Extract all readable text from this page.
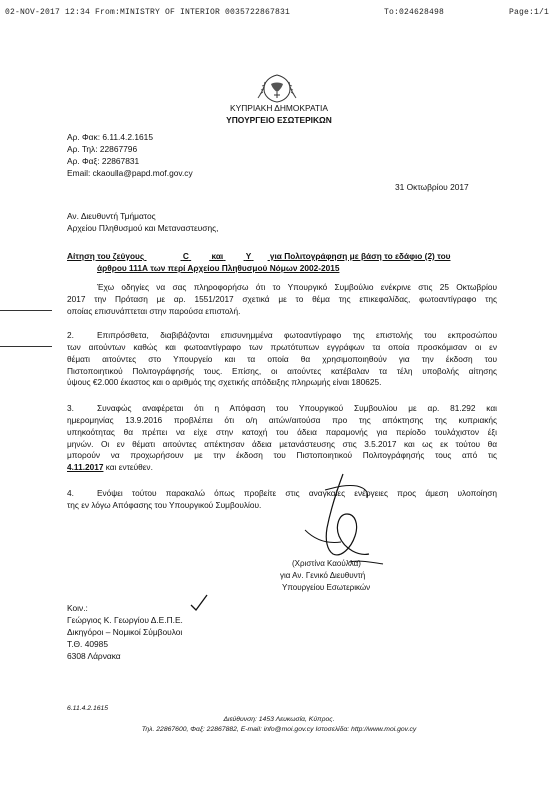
02-NOV-2017 12:34 From:MINISTRY OF INTERIOR 0035722867831	To:024628498	Page:1/1
ΚΥΠΡΙΑΚΗ ΔΗΜΟΚΡΑΤΙΑ
ΥΠΟΥΡΓΕΙΟ ΕΣΩΤΕΡΙΚΩΝ
Αρ. Φακ: 6.11.4.2.1615
Αρ. Τηλ: 22867796
Αρ. Φαξ: 22867831
Email: ckaoulla@papd.mof.gov.cy
31 Οκτωβρίου 2017
Αν. Διευθυντή Τμήματος
Αρχείου Πληθυσμού και Μεταναστευσης,
Αίτηση του ζεύγους	C	και	Υ για Πολιτογράφηση με βάση το εδάφιο (2) του
άρθρου 111Α των περί Αρχείου Πληθυσμού Νόμων 2002-2015
Έχω οδηγίες να σας πληροφορήσω ότι το Υπουργικό Συμβούλιο ενέκρινε στις 25 Οκτωβρίου
2017 την Πρόταση με αρ. 1551/2017 σχετικά με το θέμα της επικεφαλίδας, φωτοαντίγραφο της
οποίας επισυνάπτεται στην παρούσα επιστολή.
2.	Επιπρόσθετα, διαβιβάζονται επισυνημμένα φωτοαντίγραφο της επιστολής του εκπροσώπου
των αιτούντων καθώς και φωτοαντίγραφο των πρωτότυπων εγγράφων τα οποία προσκόμισαν οι εν
θέματι αιτούντες στο Υπουργείο και τα οποία θα χρησιμοποιηθούν για την έκδοση του
Πιστοποιητικού Πολιτογράφησής τους. Επίσης, οι αιτούντες κατέβαλαν τα τέλη υποβολής αίτησης
ύψους €2.000 έκαστος και ο αριθμός της σχετικής απόδειξης πληρωμής είναι 180625.
3.	Συναφώς αναφέρεται ότι η Απόφαση του Υπουργικού Συμβουλίου με αρ. 81.292 και
ημερομηνίας 13.9.2016 προβλέπει ότι ο/η αιτών/αιτούσα προ της απόκτησης της κυπριακής
υπηκοότητας θα πρέπει να είχε στην κατοχή του άδεια παραμονής για περίοδο τουλάχιστον έξι
μηνών. Οι εν θέματι αιτούντες απέκτησαν άδεια μετανάστευσης στις 3.5.2017 και ως εκ τούτου θα
μπορούν να προχωρήσουν με την έκδοση του Πιστοποιητικού Πολιτογράφησής τους από τις
4.11.2017 και εντεύθεν.
4.	Ενόψει τούτου παρακαλώ όπως προβείτε στις αναγκαίες ενέργειες προς άμεση υλοποίηση
της εν λόγω Απόφασης του Υπουργικού Συμβουλίου.
(Χριστίνα Καούλλα)
για Αν. Γενικό Διευθυντή
Υπουργείου Εσωτερικών
Κοιν.:
Γεώργιος Κ. Γεωργίου Δ.Ε.Π.Ε.
Δικηγόροι – Νομικοί Σύμβουλοι
Τ.Θ. 40985
6308 Λάρνακα
6.11.4.2.1615
Διεύθυνση: 1453 Λευκωσία, Κύπρος.
Τηλ. 22867600, Φαξ: 22867882, E-mail: info@moi.gov.cy Ιστοσελίδα: http://www.moi.gov.cy
